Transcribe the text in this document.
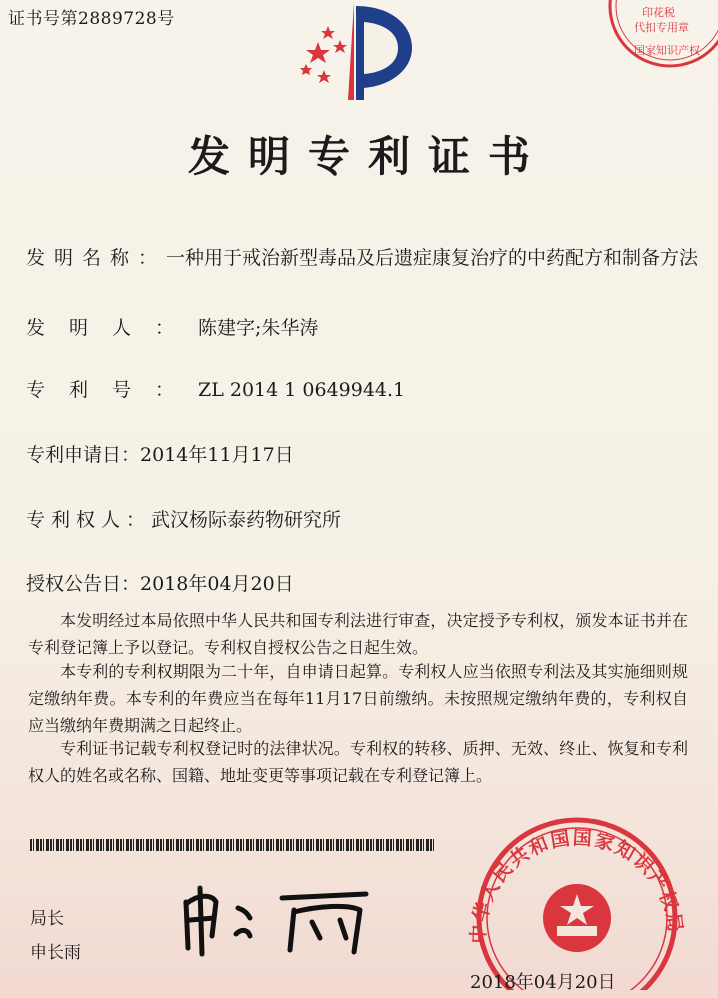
证书号第2889728号	印花税
代扣专用章
国家知识产权
发明专利证书
发明名称：一种用于戒治新型毒品及后遗症康复治疗的中药配方和制备方法
发明人：陈建字;朱华涛
专利号：ZL 2014 1 0649944.1
专利申请日：2014年11月17日
专利权人：武汉杨际泰药物研究所
授权公告日：2018年04月20日
本发明经过本局依照中华人民共和国专利法进行审查，决定授予专利权，颁发本证书并在专利登记簿上予以登记。专利权自授权公告之日起生效。
本专利的专利权期限为二十年，自申请日起算。专利权人应当依照专利法及其实施细则规定缴纳年费。本专利的年费应当在每年11月17日前缴纳。未按照规定缴纳年费的，专利权自应当缴纳年费期满之日起终止。
专利证书记载专利权登记时的法律状况。专利权的转移、质押、无效、终止、恢复和专利权人的姓名或名称、国籍、地址变更等事项记载在专利登记簿上。
局长
申长雨
中华人民共和国国家知识产权局
2018年04月20日
